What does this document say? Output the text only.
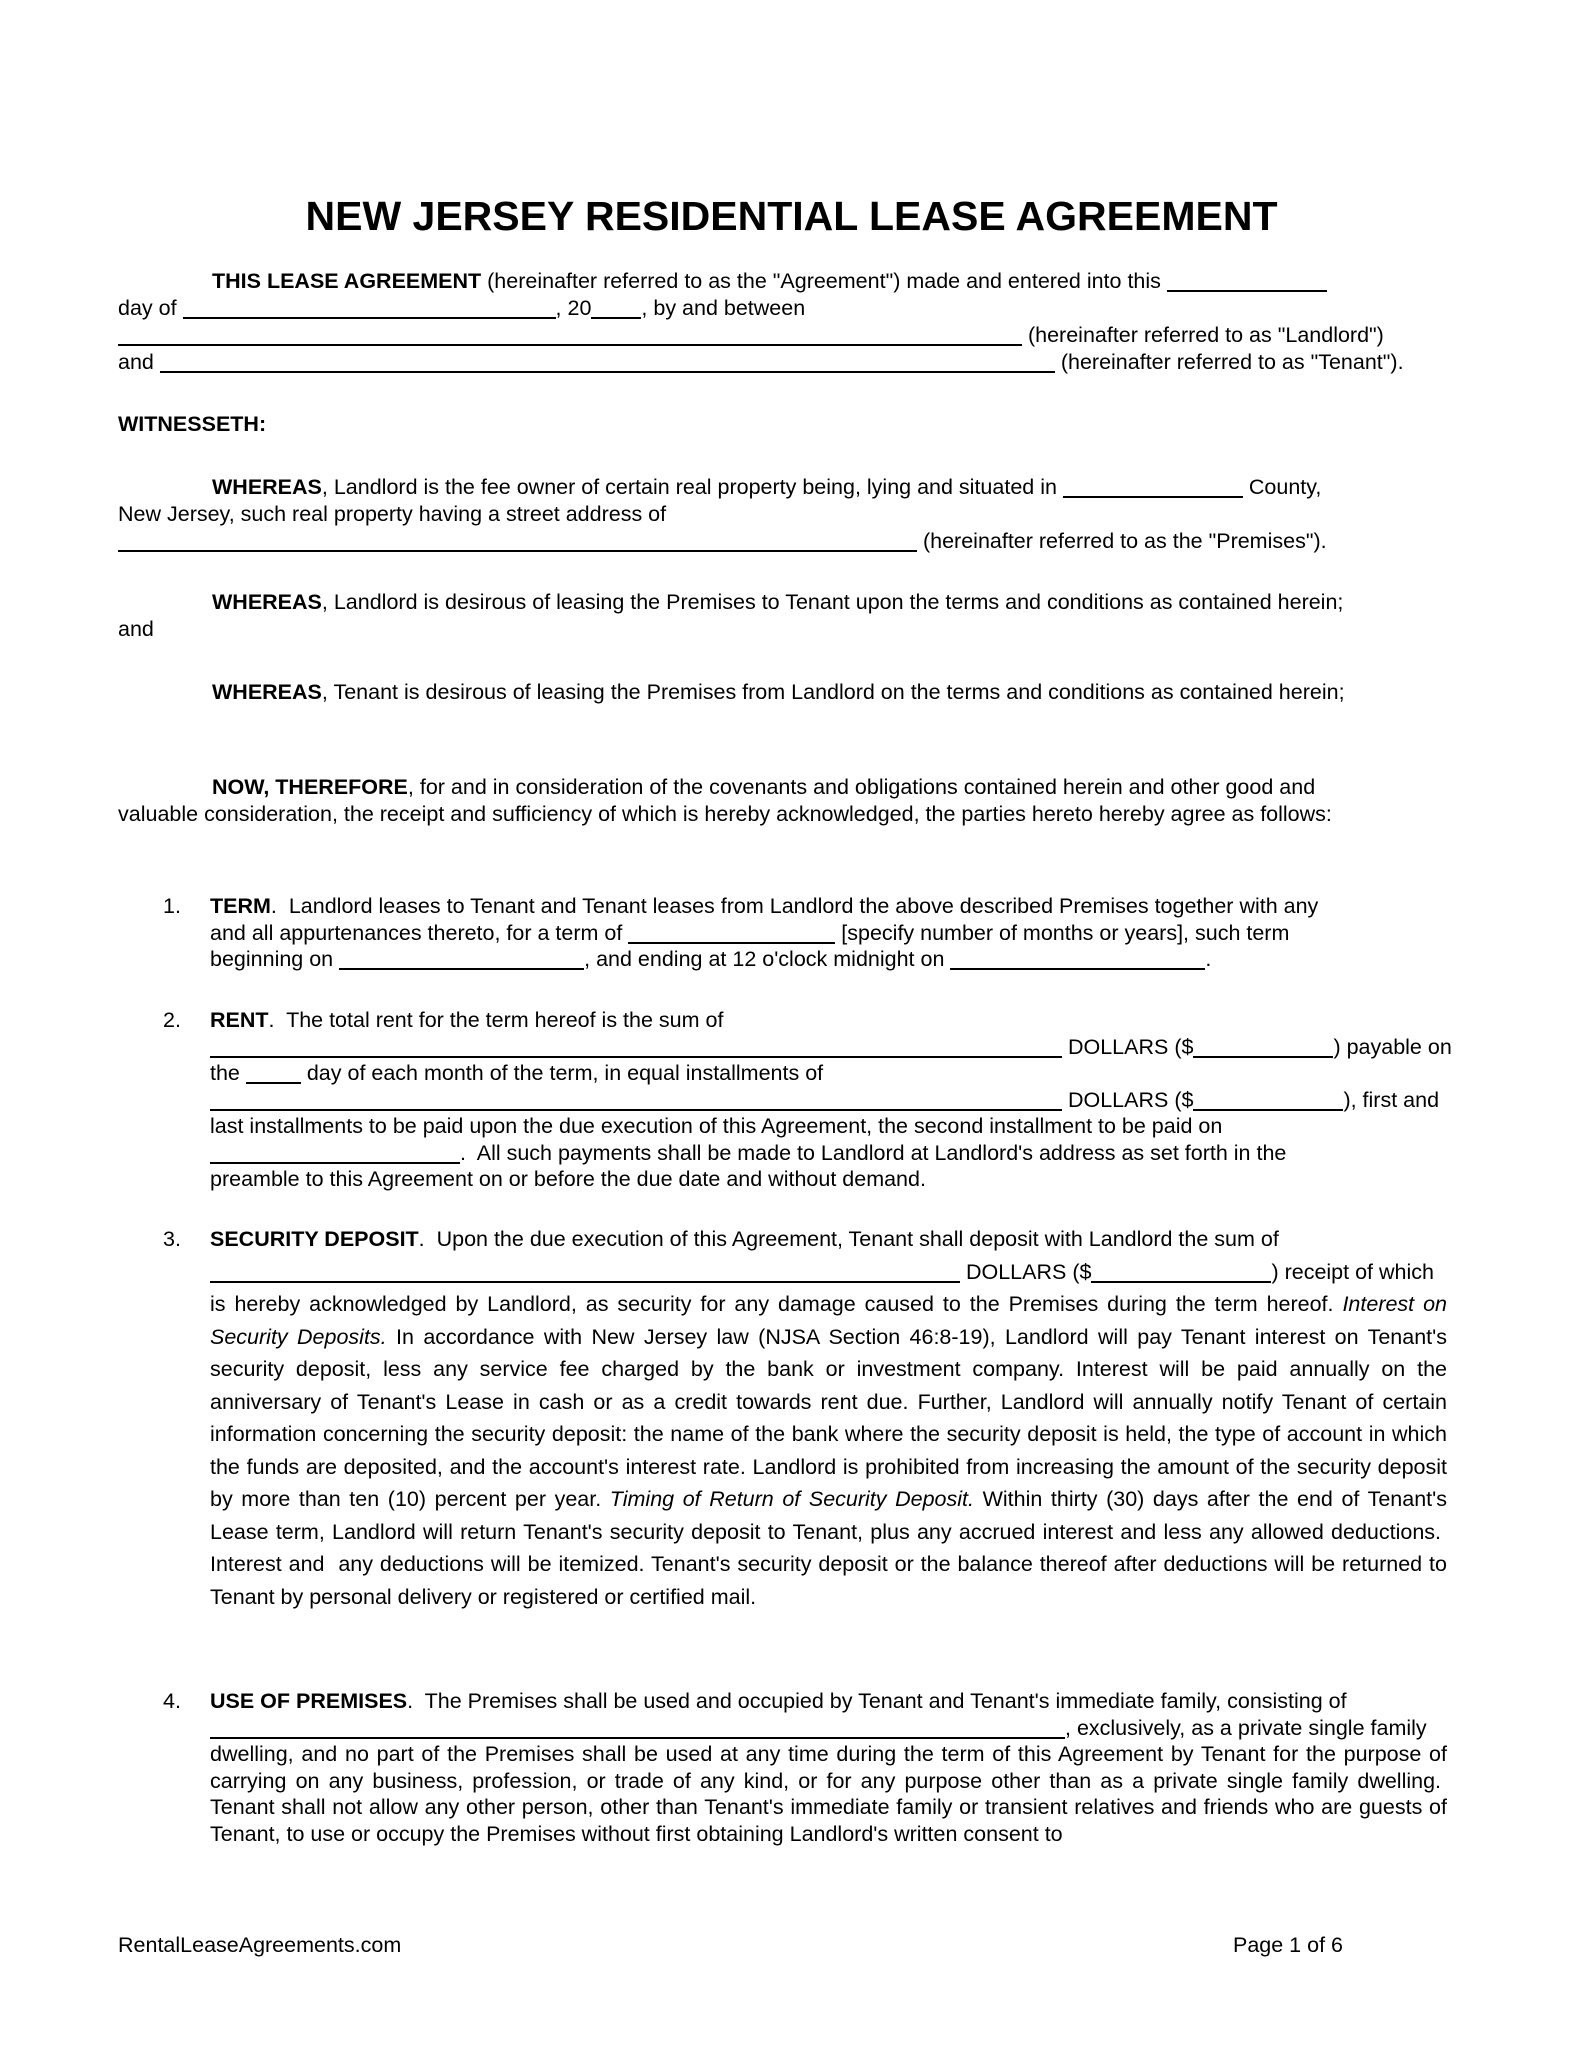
NEW JERSEY RESIDENTIAL LEASE AGREEMENT
THIS LEASE AGREEMENT (hereinafter referred to as the "Agreement") made and entered into this
day of	, 20 , by and between
(hereinafter referred to as "Landlord")
and	(hereinafter referred to as "Tenant").
WITNESSETH:
WHEREAS, Landlord is the fee owner of certain real property being, lying and situated in	County,
New Jersey, such real property having a street address of
(hereinafter referred to as the "Premises").
WHEREAS, Landlord is desirous of leasing the Premises to Tenant upon the terms and conditions as contained herein;
and
WHEREAS, Tenant is desirous of leasing the Premises from Landlord on the terms and conditions as contained herein;
NOW, THEREFORE, for and in consideration of the covenants and obligations contained herein and other good and
valuable consideration, the receipt and sufficiency of which is hereby acknowledged, the parties hereto hereby agree as follows:
1. TERM.  Landlord leases to Tenant and Tenant leases from Landlord the above described Premises together with any
and all appurtenances thereto, for a term of	[specify number of months or years], such term
beginning on	, and ending at 12 o'clock midnight on	.
2. RENT.  The total rent for the term hereof is the sum of
DOLLARS ($	) payable on
the	day of each month of the term, in equal installments of
DOLLARS ($	), first and
last installments to be paid upon the due execution of this Agreement, the second installment to be paid on
.  All such payments shall be made to Landlord at Landlord's address as set forth in the
preamble to this Agreement on or before the due date and without demand.
3. SECURITY DEPOSIT.  Upon the due execution of this Agreement, Tenant shall deposit with Landlord the sum of
DOLLARS ($	) receipt of which
is hereby acknowledged by Landlord, as security for any damage caused to the Premises during the term hereof. Interest on Security Deposits. In accordance with New Jersey law (NJSA Section 46:8-19), Landlord will pay Tenant interest on Tenant's security deposit, less any service fee charged by the bank or investment company. Interest will be paid annually on the anniversary of Tenant's Lease in cash or as a credit towards rent due. Further, Landlord will annually notify Tenant of certain information concerning the security deposit: the name of the bank where the security deposit is held, the type of account in which the funds are deposited, and the account's interest rate. Landlord is prohibited from increasing the amount of the security deposit by more than ten (10) percent per year. Timing of Return of Security Deposit. Within thirty (30) days after the end of Tenant's Lease term, Landlord will return Tenant's security deposit to Tenant, plus any accrued interest and less any allowed deductions.  Interest and  any deductions will be itemized. Tenant's security deposit or the balance thereof after deductions will be returned to Tenant by personal delivery or registered or certified mail.
4. USE OF PREMISES.  The Premises shall be used and occupied by Tenant and Tenant's immediate family, consisting of
, exclusively, as a private single family
dwelling, and no part of the Premises shall be used at any time during the term of this Agreement by Tenant for the purpose of carrying on any business, profession, or trade of any kind, or for any purpose other than as a private single family dwelling.  Tenant shall not allow any other person, other than Tenant's immediate family or transient relatives and friends who are guests of Tenant, to use or occupy the Premises without first obtaining Landlord's written consent to
RentalLeaseAgreements.com	Page 1 of 6
